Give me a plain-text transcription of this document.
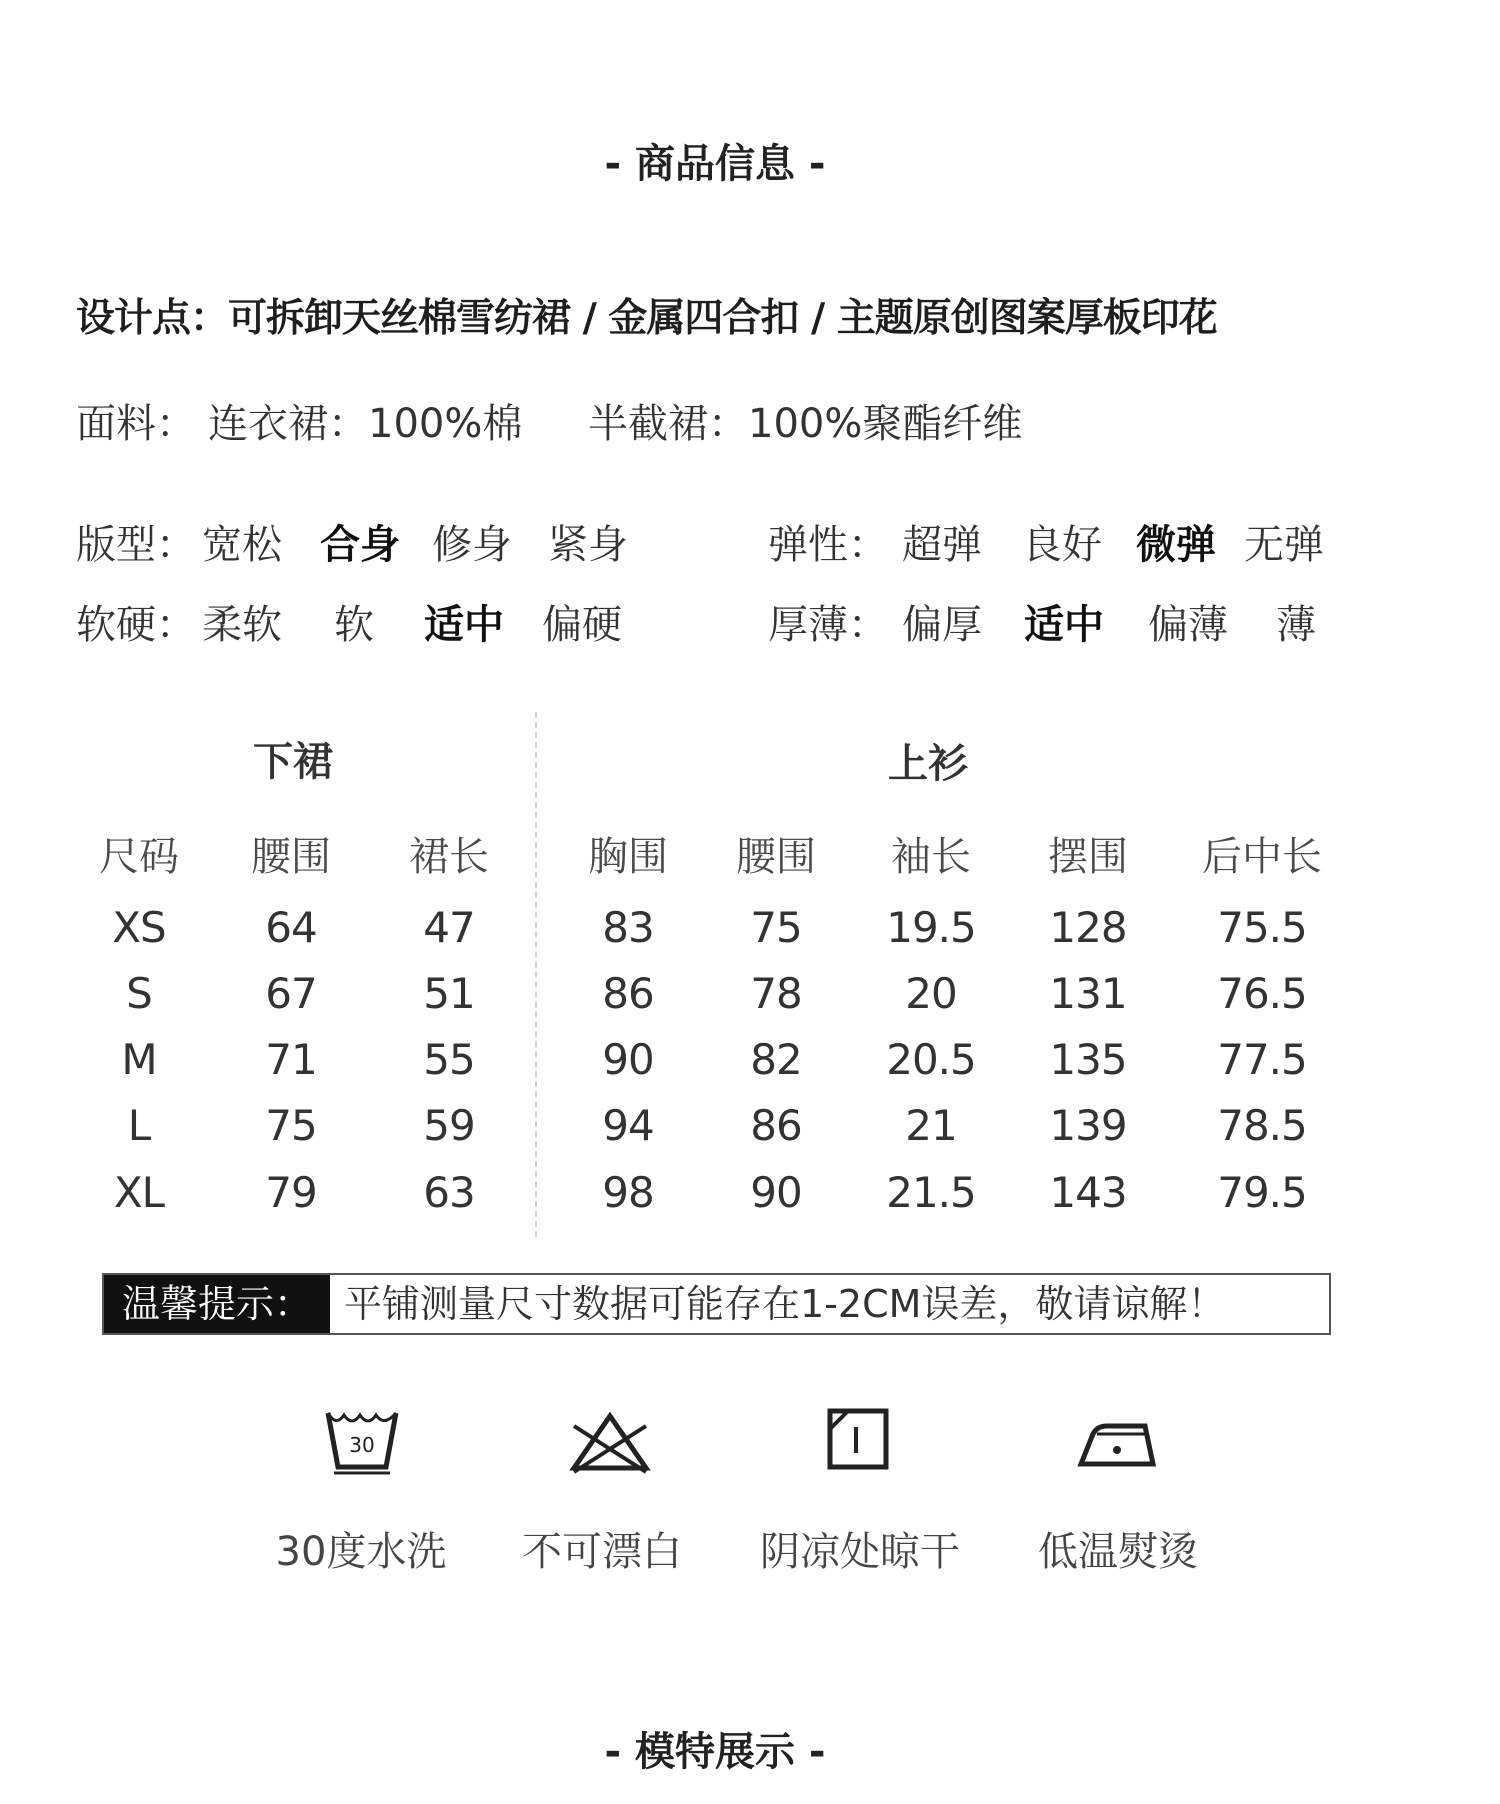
- 商品信息 -
设计点：可拆卸天丝棉雪纺裙 / 金属四合扣 / 主题原创图案厚板印花
面料： 连衣裙：100%棉 半截裙：100%聚酯纤维
版型： 宽松 合身 修身 紧身	弹性： 超弹 良好 微弹 无弹
软硬： 柔软 软 适中 偏硬	厚薄： 偏厚 适中 偏薄 薄
下裙	上衫
尺码	腰围	裙长	胸围	腰围	袖长	摆围	后中长
XS	64	47	83	75	19.5	128	75.5
S	67	51	86	78	20	131	76.5
M	71	55	90	82	20.5	135	77.5
L	75	59	94	86	21	139	78.5
XL	79	63	98	90	21.5	143	79.5
温馨提示： 平铺测量尺寸数据可能存在1-2CM误差，敬请谅解！
30
30度水洗	不可漂白	阴凉处晾干	低温熨烫
- 模特展示 -
